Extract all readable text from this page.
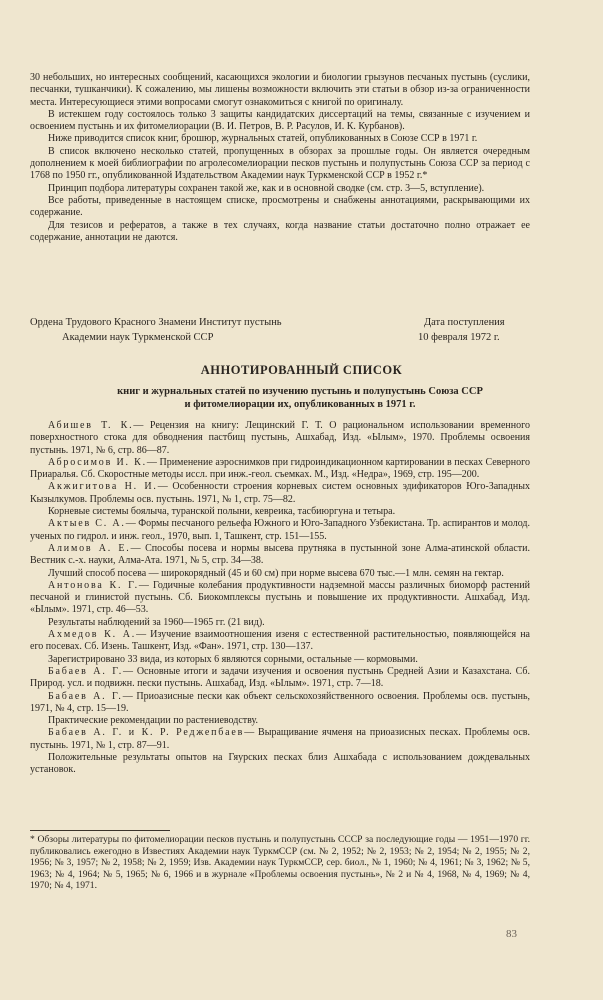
30 небольших, но интересных сообщений, касающихся экологии и биологии грызунов песчаных пустынь (суслики, песчанки, тушканчики). К сожалению, мы лишены возможности включить эти статьи в обзор из-за ограниченности места. Интересующиеся этими вопросами смогут ознакомиться с книгой по оригиналу.

В истекшем году состоялось только 3 защиты кандидатских диссертаций на темы, связанные с изучением и освоением пустынь и их фитомелиорации (В. И. Петров, В. Р. Расулов, И. К. Курбанов).

Ниже приводится список книг, брошюр, журнальных статей, опубликованных в Союзе ССР в 1971 г.

В список включено несколько статей, пропущенных в обзорах за прошлые годы. Он является очередным дополнением к моей библиографии по агролесомелиорации песков пустынь и полупустынь Союза ССР за период с 1768 по 1950 гг., опубликованной Издательством Академии наук Туркменской ССР в 1952 г.*

Принцип подбора литературы сохранен такой же, как и в основной сводке (см. стр. 3—5, вступление).

Все работы, приведенные в настоящем списке, просмотрены и снабжены аннотациями, раскрывающими их содержание.

Для тезисов и рефератов, а также в тех случаях, когда название статьи достаточно полно отражает ее содержание, аннотации не даются.

Ордена Трудового Красного Знамени Институт пустынь
Академии наук Туркменской ССР
Дата поступления
10 февраля 1972 г.
АННОТИРОВАННЫЙ СПИСОК
книг и журнальных статей по изучению пустынь и полупустынь Союза ССР
и фитомелиорации их, опубликованных в 1971 г.

Абишев Т. К.— Рецензия на книгу: Лещинский Г. Т. О рациональном использовании временного поверхностного стока для обводнения пастбищ пустынь, Ашхабад, Изд. «Ылым», 1970. Проблемы освоения пустынь. 1971, № 6, стр. 86—87.

Абросимов И. К.— Применение аэроснимков при гидроиндикационном картировании в песках Северного Приаралья. Сб. Скоростные методы иссл. при инж.-геол. съемках. М., Изд. «Недра», 1969, стр. 195—200.

Акжигитова Н. И.— Особенности строения корневых систем основных эдификаторов Юго-Западных Кызылкумов. Проблемы осв. пустынь. 1971, № 1, стр. 75—82.

Корневые системы боялыча, туранской полыни, кевреика, тасбиюргуна и тетыра.

Актыев С. А.— Формы песчаного рельефа Южного и Юго-Западного Узбекистана. Тр. аспирантов и молод. ученых по гидрол. и инж. геол., 1970, вып. 1, Ташкент, стр. 151—155.

Алимов А. Е.— Способы посева и нормы высева прутняка в пустынной зоне Алма-атинской области. Вестник с.-х. науки, Алма-Ата. 1971, № 5, стр. 34—38.

Лучший способ посева — широкорядный (45 и 60 см) при норме высева 670 тыс.—1 млн. семян на гектар.

Антонова К. Г.— Годичные колебания продуктивности надземной массы различных биоморф растений песчаной и глинистой пустынь. Сб. Биокомплексы пустынь и повышение их продуктивности. Ашхабад, Изд. «Ылым». 1971, стр. 46—53.

Результаты наблюдений за 1960—1965 гг. (21 вид).

Ахмедов К. А.— Изучение взаимоотношения изеня с естественной растительностью, появляющейся на его посевах. Сб. Изень. Ташкент, Изд. «Фан». 1971, стр. 130—137.

Зарегистрировано 33 вида, из которых 6 являются сорными, остальные — кормовыми.

Бабаев А. Г.— Основные итоги и задачи изучения и освоения пустынь Средней Азии и Казахстана. Сб. Природ. усл. и подвижн. пески пустынь. Ашхабад, Изд. «Ылым». 1971, стр. 7—18.

Бабаев А. Г.— Приоазисные пески как объект сельскохозяйственного освоения. Проблемы осв. пустынь, 1971, № 4, стр. 15—19.

Практические рекомендации по растениеводству.

Бабаев А. Г. и К. Р. Реджепбаев— Выращивание ячменя на приоазисных песках. Проблемы осв. пустынь. 1971, № 1, стр. 87—91.

Положительные результаты опытов на Гяурских песках близ Ашхабада с использованием дождевальных установок.

* Обзоры литературы по фитомелиорации песков пустынь и полупустынь СССР за последующие годы — 1951—1970 гг. публиковались ежегодно в Известиях Академии наук ТуркмССР (см. № 2, 1952; № 2, 1953; № 2, 1954; № 2, 1955; № 2, 1956; № 3, 1957; № 2, 1958; № 2, 1959; Изв. Академии наук ТуркмССР, сер. биол., № 1, 1960; № 4, 1961; № 3, 1962; № 5, 1963; № 4, 1964; № 5, 1965; № 6, 1966 и в журнале «Проблемы освоения пустынь», № 2 и № 4, 1968, № 4, 1969; № 4, 1970; № 4, 1971.
83
